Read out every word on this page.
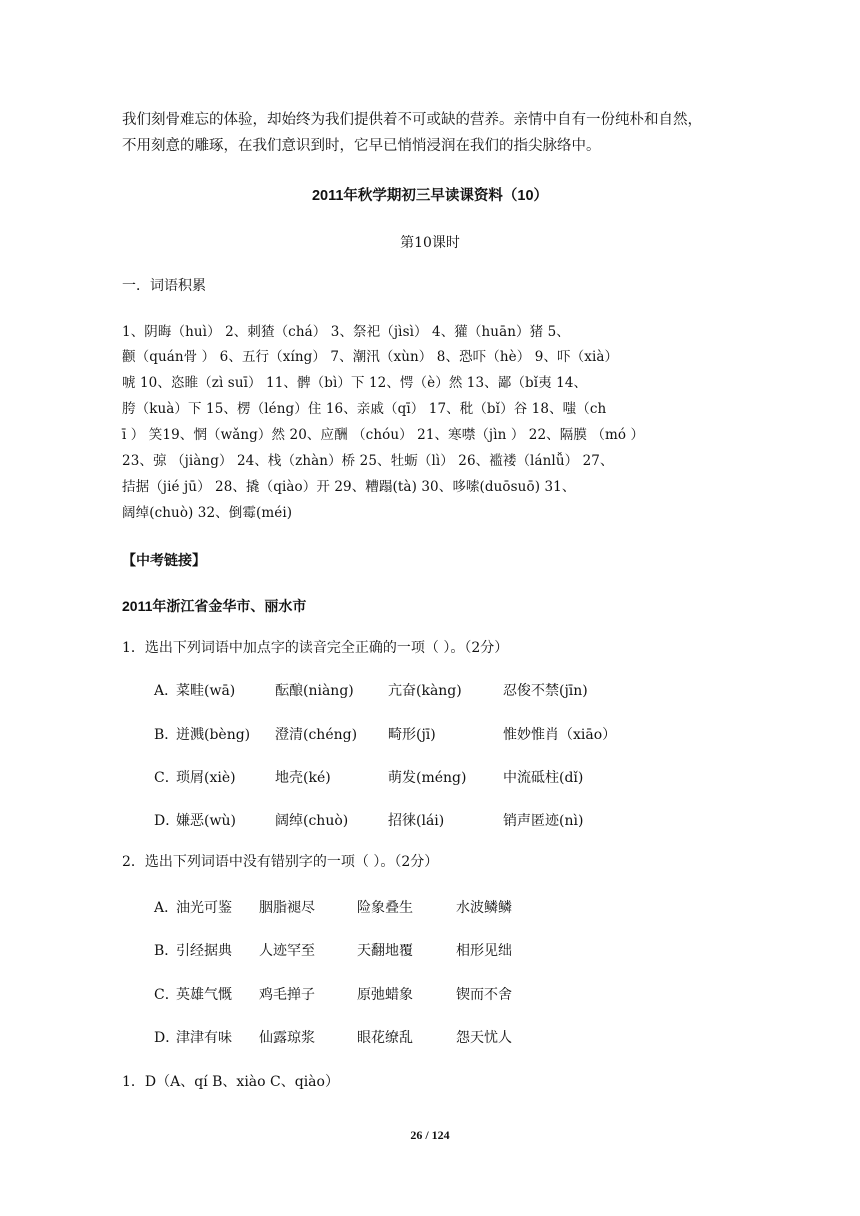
我们刻骨难忘的体验，却始终为我们提供着不可或缺的营养。亲情中自有一份纯朴和自然，
不用刻意的雕琢，在我们意识到时，它早已悄悄浸润在我们的指尖脉络中。
2011年秋学期初三早读课资料（10）
第10课时
一．词语积累
1、阴晦（huì） 2、刺猹（chá） 3、祭祀（jìsì） 4、獾（huān）猪 5、
颧（quán骨 ） 6、五行（xíng） 7、潮汛（xùn） 8、恐吓（hè） 9、吓（xià）
唬 10、恣睢（zì suī） 11、髀（bì）下 12、愕（è）然 13、鄙（bǐ夷 14、
胯（kuà）下 15、楞（léng）住 16、亲戚（qī） 17、秕（bǐ）谷 18、嗤（ch
ī ） 笑19、惘（wǎng）然 20、应酬 （chóu） 21、寒噤（jìn ） 22、隔膜 （mó ）
23、弶 （jiàng） 24、栈（zhàn）桥 25、牡蛎（lì） 26、褴褛（lánlǚ） 27、
拮据（jié jū） 28、撬（qiào）开 29、糟蹋(tà) 30、哆嗦(duōsuō) 31、
阔绰(chuò) 32、倒霉(méi)
【中考链接】
2011年浙江省金华市、丽水市
1．选出下列词语中加点字的读音完全正确的一项（ ）。（2分）
A．
菜畦(wā)	酝酿(niàng) 亢奋(kàng)	忍俊不禁(jīn)
B．
迸溅(bèng) 澄清(chéng) 畸形(jī)	惟妙惟肖（xiāo）
C．
琐屑(xiè)	地壳(ké)	萌发(méng)	中流砥柱(dǐ)
D．
嫌恶(wù)	阔绰(chuò)	招徕(lái)	销声匿迹(nì)
2．选出下列词语中没有错别字的一项（ ）。（2分）
A．
油光可鉴 胭脂褪尽	险象叠生	水波鳞鳞
B．
引经据典 人迹罕至	天翻地覆	相形见绌
C．
英雄气慨 鸡毛掸子	原弛蜡象	锲而不舍
D．
津津有味 仙露琼浆	眼花缭乱	怨天忧人
1．D（A、qí B、xiào C、qiào）
26 / 124
